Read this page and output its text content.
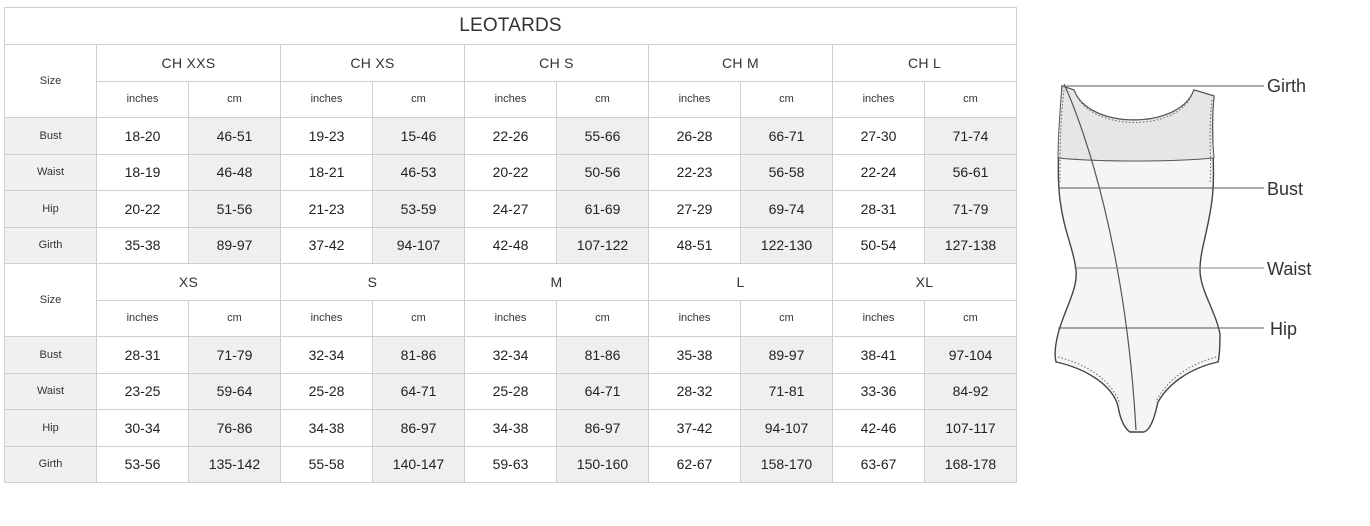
LEOTARDS										
Size	CH XXS		CH XS		CH S		CH M		CH L	
	inches	cm	inches	cm	inches	cm	inches	cm	inches	cm
Bust	18-20	46-51	19-23	15-46	22-26	55-66	26-28	66-71	27-30	71-74
Waist	18-19	46-48	18-21	46-53	20-22	50-56	22-23	56-58	22-24	56-61
Hip	20-22	51-56	21-23	53-59	24-27	61-69	27-29	69-74	28-31	71-79
Girth	35-38	89-97	37-42	94-107	42-48	107-122	48-51	122-130	50-54	127-138
Size	XS		S		M		L		XL	
	inches	cm	inches	cm	inches	cm	inches	cm	inches	cm
Bust	28-31	71-79	32-34	81-86	32-34	81-86	35-38	89-97	38-41	97-104
Waist	23-25	59-64	25-28	64-71	25-28	64-71	28-32	71-81	33-36	84-92
Hip	30-34	76-86	34-38	86-97	34-38	86-97	37-42	94-107	42-46	107-117
Girth	53-56	135-142	55-58	140-147	59-63	150-160	62-67	158-170	63-67	168-178
Girth
Bust
Waist
Hip
